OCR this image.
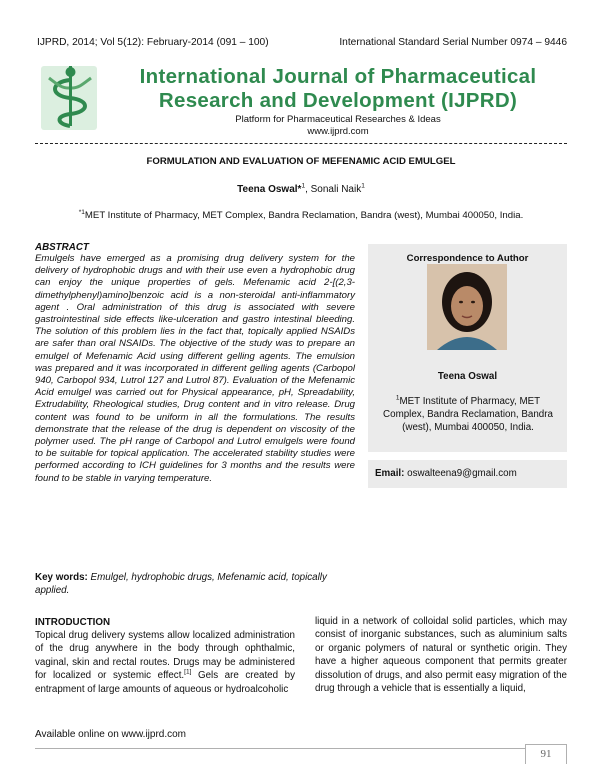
IJPRD, 2014; Vol 5(12): February-2014 (091 – 100)	International Standard Serial Number 0974 – 9446
International Journal of Pharmaceutical
Research and Development (IJPRD)
Platform for Pharmaceutical Researches & Ideas
www.ijprd.com
FORMULATION AND EVALUATION OF MEFENAMIC ACID EMULGEL
Teena Oswal*$^1$, Sonali Naik$^1$
$^{*1}$MET Institute of Pharmacy, MET Complex, Bandra Reclamation, Bandra (west), Mumbai 400050, India.
ABSTRACT
Emulgels have emerged as a promising drug delivery system for the delivery of hydrophobic drugs and with their use even a hydrophobic drug can enjoy the unique properties of gels. Mefenamic acid 2-[(2,3-dimethylphenyl)amino]benzoic acid is a non-steroidal anti-inflammatory agent . Oral administration of this drug is associated with severe gastrointestinal side effects like-ulceration and gastro intestinal bleeding. The solution of this problem lies in the fact that, topically applied NSAIDs are safer than oral NSAIDs. The objective of the study was to prepare an emulgel of Mefenamic Acid using different gelling agents. The emulsion was prepared and it was incorporated in different gelling agents (Carbopol 940, Carbopol 934, Lutrol 127 and Lutrol 87). Evaluation of the Mefenamic Acid emulgel was carried out for Physical appearance, pH, Spreadability, Extrudability, Rheological studies, Drug content and in vitro release. Drug content was found to be uniform in all the formulations. The results demonstrate that the release of the drug is dependent on viscosity of the polymer used. The pH range of Carbopol and Lutrol emulgels were found to be suitable for topical application. The accelerated stability studies were performed according to ICH guidelines for 3 months and the results were found to be stable in varying temperature.
Key words: Emulgel, hydrophobic drugs, Mefenamic acid, topically applied.
Correspondence to Author
Teena Oswal
$^1$MET Institute of Pharmacy, MET Complex, Bandra Reclamation, Bandra (west), Mumbai 400050, India.
Email: oswalteena9@gmail.com
INTRODUCTION
Topical drug delivery systems allow localized administration of the drug anywhere in the body through ophthalmic, vaginal, skin and rectal routes. Drugs may be administered for localized or systemic effect.[1] Gels are created by entrapment of large amounts of aqueous or hydroalcoholic
liquid in a network of colloidal solid particles, which may consist of inorganic substances, such as aluminium salts or organic polymers of natural or synthetic origin. They have a higher aqueous component that permits greater dissolution of drugs, and also permit easy migration of the drug through a vehicle that is essentially a liquid,
Available online on www.ijprd.com
91
